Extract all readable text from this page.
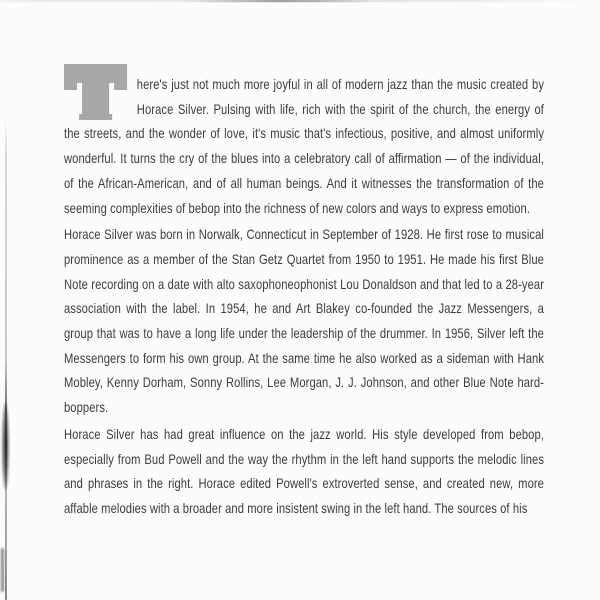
here's just not much more joyful in all of modern jazz than the music created by Horace Silver. Pulsing with life, rich with the spirit of the church, the energy of the streets, and the wonder of love, it's music that's infectious, positive, and almost uniformly wonderful. It turns the cry of the blues into a celebratory call of affirmation — of the individual, of the African-American, and of all human beings. And it witnesses the transformation of the seeming complexities of bebop into the richness of new colors and ways to express emotion.

Horace Silver was born in Norwalk, Connecticut in September of 1928. He first rose to musical prominence as a member of the Stan Getz Quartet from 1950 to 1951. He made his first Blue Note recording on a date with alto saxophoneophonist Lou Donaldson and that led to a 28-year association with the label. In 1954, he and Art Blakey co-founded the Jazz Messengers, a group that was to have a long life under the leadership of the drummer. In 1956, Silver left the Messengers to form his own group. At the same time he also worked as a sideman with Hank Mobley, Kenny Dorham, Sonny Rollins, Lee Morgan, J. J. Johnson, and other Blue Note hard-boppers.

Horace Silver has had great influence on the jazz world. His style developed from bebop, especially from Bud Powell and the way the rhythm in the left hand supports the melodic lines and phrases in the right. Horace edited Powell's extroverted sense, and created new, more affable melodies with a broader and more insistent swing in the left hand. The sources of his
